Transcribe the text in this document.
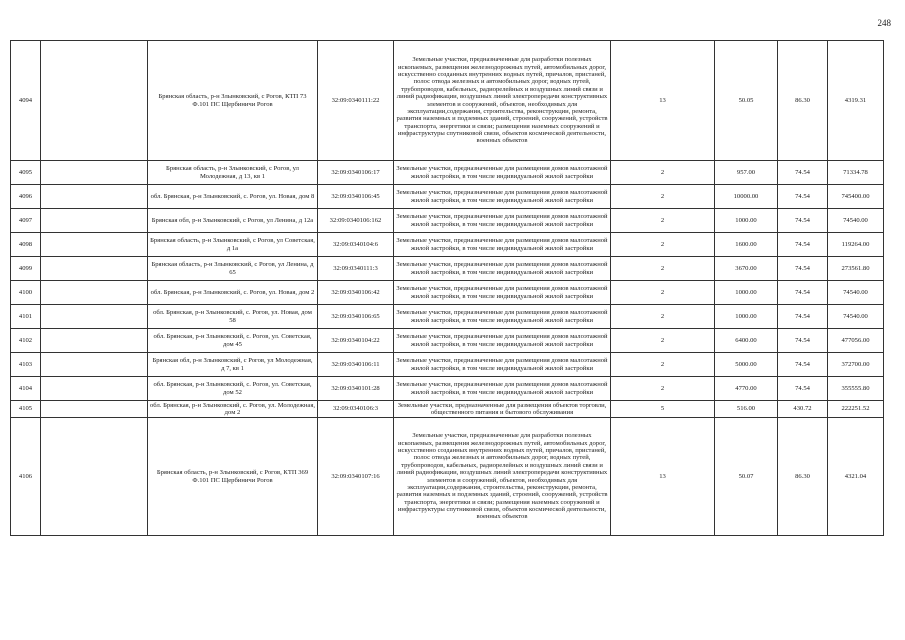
248
4094		Брянская область, р-н Злынковский, с Рогов, КТП 73 Ф.101 ПС Щербиничи Рогов	32:09:0340111:22	Земельные участки, предназначенные для разработки полезных ископаемых, размещения железнодорожных путей, автомобильных дорог, искусственно созданных внутренних водных путей, причалов, пристаней, полос отвода железных и автомобильных дорог, водных путей, трубопроводов, кабельных, радиорелейных и воздушных линий связи и линий радиофикации, воздушных линий электропередачи конструктивных элементов и сооружений, объектов, необходимых для эксплуатации,содержания, строительства, реконструкции, ремонта, развития наземных и подземных зданий, строений, сооружений, устройств транспорта, энергетики и связи; размещения наземных сооружений и инфраструктуры спутниковой связи, объектов космической деятельности, военных объектов	13	50.05	86.30	4319.31
4095		Брянская область, р-н Злынковский, с Рогов, ул Молодежная, д 13, кв 1	32:09:0340106:17	Земельные участки, предназначенные для размещения домов малоэтажной жилой застройки, в том числе индивидуальной жилой застройки	2	957.00	74.54	71334.78
4096		обл. Брянская, р-н Злынковский, с. Рогов, ул. Новая, дом 8	32:09:0340106:45	Земельные участки, предназначенные для размещения домов малоэтажной жилой застройки, в том числе индивидуальной жилой застройки	2	10000.00	74.54	745400.00
4097		Брянская обл, р-н Злынковский, с Рогов, ул Ленина, д 12а	32:09:0340106:162	Земельные участки, предназначенные для размещения домов малоэтажной жилой застройки, в том числе индивидуальной жилой застройки	2	1000.00	74.54	74540.00
4098		Брянская область, р-н Злынковский, с Рогов, ул Советская, д 1а	32:09:0340104:6	Земельные участки, предназначенные для размещения домов малоэтажной жилой застройки, в том числе индивидуальной жилой застройки	2	1600.00	74.54	119264.00
4099		Брянская область, р-н Злынковский, с Рогов, ул Ленина, д 65	32:09:0340111:3	Земельные участки, предназначенные для размещения домов малоэтажной жилой застройки, в том числе индивидуальной жилой застройки	2	3670.00	74.54	273561.80
4100		обл. Брянская, р-н Злынковский, с. Рогов, ул. Новая, дом 2	32:09:0340106:42	Земельные участки, предназначенные для размещения домов малоэтажной жилой застройки, в том числе индивидуальной жилой застройки	2	1000.00	74.54	74540.00
4101		обл. Брянская, р-н Злынковский, с. Рогов, ул. Новая, дом 58	32:09:0340106:65	Земельные участки, предназначенные для размещения домов малоэтажной жилой застройки, в том числе индивидуальной жилой застройки	2	1000.00	74.54	74540.00
4102		обл. Брянская, р-н Злынковский, с. Рогов, ул. Советская, дом 45	32:09:0340104:22	Земельные участки, предназначенные для размещения домов малоэтажной жилой застройки, в том числе индивидуальной жилой застройки	2	6400.00	74.54	477056.00
4103		Брянская обл, р-н Злынковский, с Рогов, ул Молодежная, д 7, кв 1	32:09:0340106:11	Земельные участки, предназначенные для размещения домов малоэтажной жилой застройки, в том числе индивидуальной жилой застройки	2	5000.00	74.54	372700.00
4104		обл. Брянская, р-н Злынковский, с. Рогов, ул. Советская, дом 52	32:09:0340101:28	Земельные участки, предназначенные для размещения домов малоэтажной жилой застройки, в том числе индивидуальной жилой застройки	2	4770.00	74.54	355555.80
4105		обл. Брянская, р-н Злынковский, с. Рогов, ул. Молодежная, дом 2	32:09:0340106:3	Земельные участки, предназначенные для размещения объектов торговли, общественного питания и бытового обслуживания	5	516.00	430.72	222251.52
4106		Брянская область, р-н Злынковский, с Рогов, КТП 369 Ф.101 ПС Щербиничи Рогов	32:09:0340107:16	Земельные участки, предназначенные для разработки полезных ископаемых, размещения железнодорожных путей, автомобильных дорог, искусственно созданных внутренних водных путей, причалов, пристаней, полос отвода железных и автомобильных дорог, водных путей, трубопроводов, кабельных, радиорелейных и воздушных линий связи и линий радиофикации, воздушных линий электропередачи конструктивных элементов и сооружений, объектов, необходимых для эксплуатации,содержания, строительства, реконструкции, ремонта, развития наземных и подземных зданий, строений, сооружений, устройств транспорта, энергетики и связи; размещения наземных сооружений и инфраструктуры спутниковой связи, объектов космической деятельности, военных объектов	13	50.07	86.30	4321.04
